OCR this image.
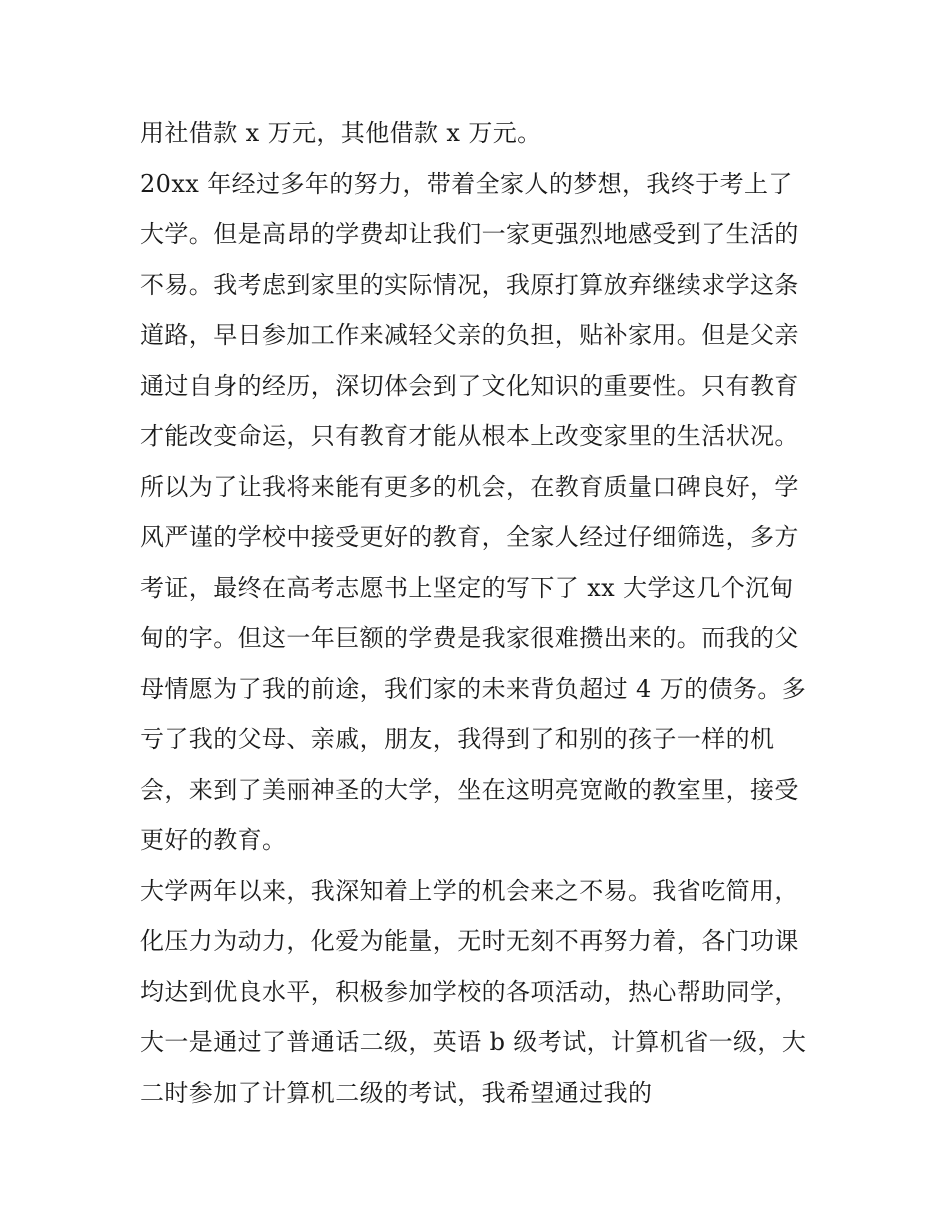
用社借款 x 万元，其他借款 x 万元。
20xx 年经过多年的努力，带着全家人的梦想，我终于考上了
大学。但是高昂的学费却让我们一家更强烈地感受到了生活的
不易。我考虑到家里的实际情况，我原打算放弃继续求学这条
道路，早日参加工作来减轻父亲的负担，贴补家用。但是父亲
通过自身的经历，深切体会到了文化知识的重要性。只有教育
才能改变命运，只有教育才能从根本上改变家里的生活状况。
所以为了让我将来能有更多的机会，在教育质量口碑良好，学
风严谨的学校中接受更好的教育，全家人经过仔细筛选，多方
考证，最终在高考志愿书上坚定的写下了 xx 大学这几个沉甸
甸的字。但这一年巨额的学费是我家很难攒出来的。而我的父
母情愿为了我的前途，我们家的未来背负超过 4 万的债务。多
亏了我的父母、亲戚，朋友，我得到了和别的孩子一样的机
会，来到了美丽神圣的大学，坐在这明亮宽敞的教室里，接受
更好的教育。
大学两年以来，我深知着上学的机会来之不易。我省吃简用，
化压力为动力，化爱为能量，无时无刻不再努力着，各门功课
均达到优良水平，积极参加学校的各项活动，热心帮助同学，
大一是通过了普通话二级，英语 b 级考试，计算机省一级，大
二时参加了计算机二级的考试，我希望通过我的
